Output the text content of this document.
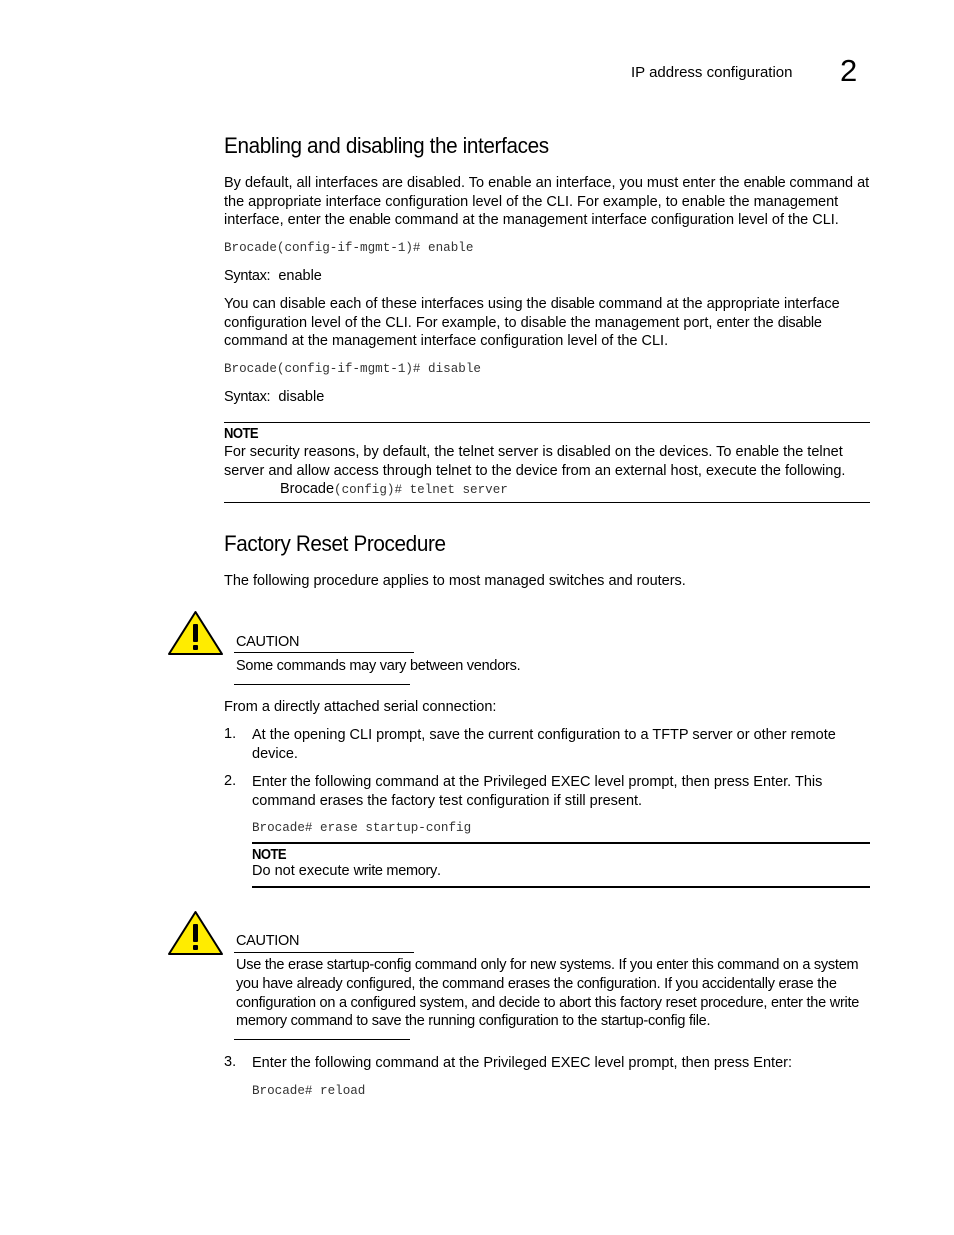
IP address configuration 2
Enabling and disabling the interfaces
By default, all interfaces are disabled. To enable an interface, you must enter the enable command at the appropriate interface configuration level of the CLI. For example, to enable the management interface, enter the enable command at the management interface configuration level of the CLI.
Brocade(config-if-mgmt-1)# enable
Syntax: enable
You can disable each of these interfaces using the disable command at the appropriate interface configuration level of the CLI. For example, to disable the management port, enter the disable command at the management interface configuration level of the CLI.
Brocade(config-if-mgmt-1)# disable
Syntax: disable
NOTE
For security reasons, by default, the telnet server is disabled on the devices. To enable the telnet server and allow access through telnet to the device from an external host, execute the following.
Brocade(config)# telnet server
Factory Reset Procedure
The following procedure applies to most managed switches and routers.
CAUTION
Some commands may vary between vendors.
From a directly attached serial connection:
1. At the opening CLI prompt, save the current configuration to a TFTP server or other remote device.
2. Enter the following command at the Privileged EXEC level prompt, then press Enter. This command erases the factory test configuration if still present.
Brocade# erase startup-config
NOTE
Do not execute write memory.
CAUTION
Use the erase startup-config command only for new systems. If you enter this command on a system you have already configured, the command erases the configuration. If you accidentally erase the configuration on a configured system, and decide to abort this factory reset procedure, enter the write memory command to save the running configuration to the startup-config file.
3. Enter the following command at the Privileged EXEC level prompt, then press Enter:
Brocade# reload
